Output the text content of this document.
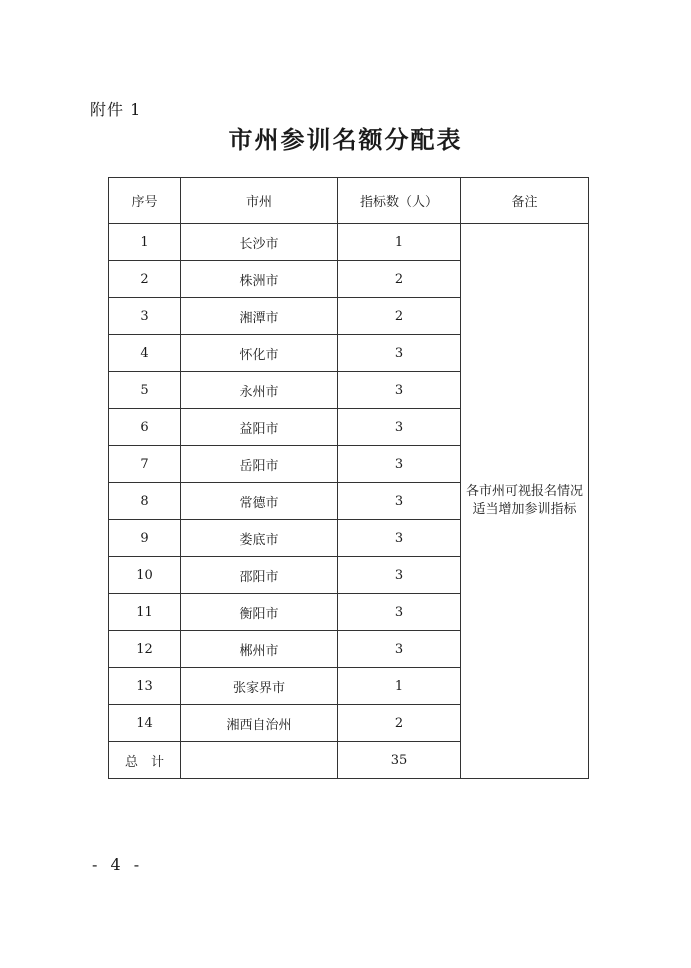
附件 1
市州参训名额分配表
序号	市州	指标数（人）	备注
1	长沙市	1	各市州可视报名情况
适当增加参训指标

2	株洲市	2	
3	湘潭市	2	
4	怀化市	3	
5	永州市	3	
6	益阳市	3	
7	岳阳市	3	
8	常德市	3	
9	娄底市	3	
10	邵阳市	3	
11	衡阳市	3	
12	郴州市	3	
13	张家界市	1	
14	湘西自治州	2	
总　计		35	
- 4 -
